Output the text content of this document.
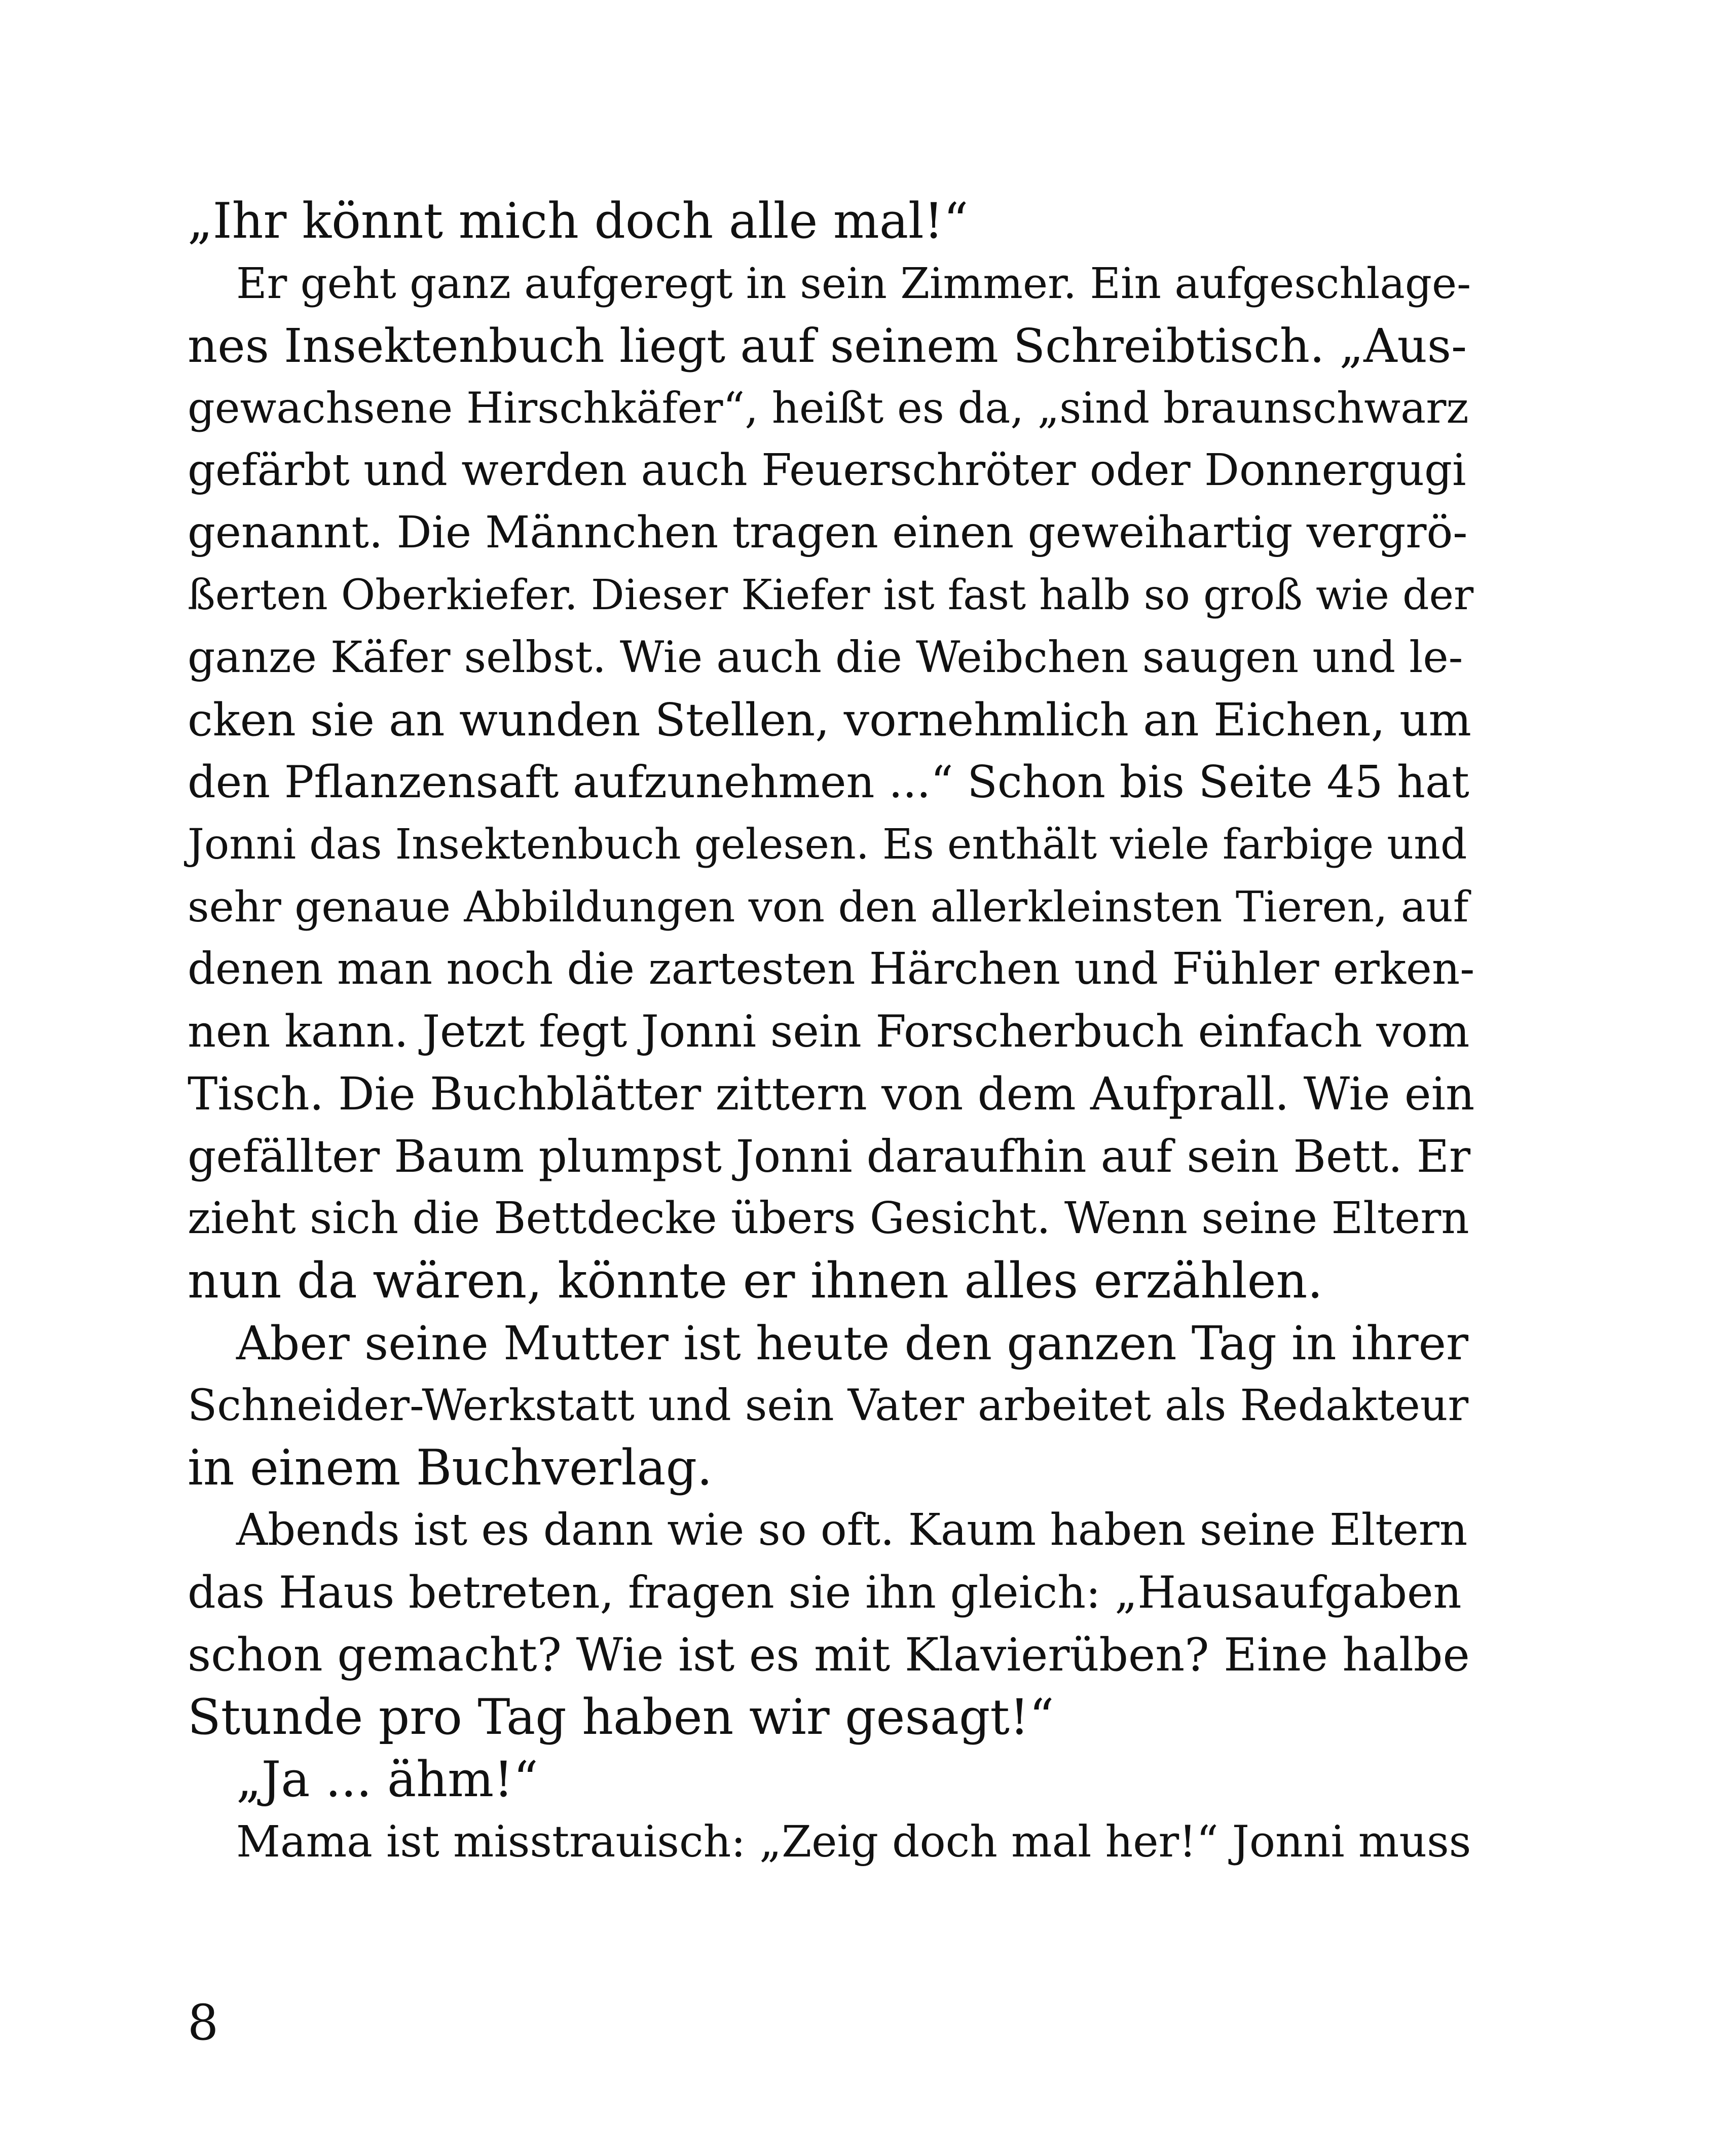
„Ihr könnt mich doch alle mal!“
Er geht ganz aufgeregt in sein Zimmer. Ein aufgeschlage-
nes Insektenbuch liegt auf seinem Schreibtisch. „Aus-
gewachsene Hirschkäfer“, heißt es da, „sind braunschwarz
gefärbt und werden auch Feuerschröter oder Donnergugi
genannt. Die Männchen tragen einen geweihartig vergrö-
ßerten Oberkiefer. Dieser Kiefer ist fast halb so groß wie der
ganze Käfer selbst. Wie auch die Weibchen saugen und le-
cken sie an wunden Stellen, vornehmlich an Eichen, um
den Pflanzensaft aufzunehmen ...“ Schon bis Seite 45 hat
Jonni das Insektenbuch gelesen. Es enthält viele farbige und
sehr genaue Abbildungen von den allerkleinsten Tieren, auf
denen man noch die zartesten Härchen und Fühler erken-
nen kann. Jetzt fegt Jonni sein Forscherbuch einfach vom
Tisch. Die Buchblätter zittern von dem Aufprall. Wie ein
gefällter Baum plumpst Jonni daraufhin auf sein Bett. Er
zieht sich die Bettdecke übers Gesicht. Wenn seine Eltern
nun da wären, könnte er ihnen alles erzählen.
Aber seine Mutter ist heute den ganzen Tag in ihrer
Schneider-Werkstatt und sein Vater arbeitet als Redakteur
in einem Buchverlag.
Abends ist es dann wie so oft. Kaum haben seine Eltern
das Haus betreten, fragen sie ihn gleich: „Hausaufgaben
schon gemacht? Wie ist es mit Klavierüben? Eine halbe
Stunde pro Tag haben wir gesagt!“
„Ja ... ähm!“
Mama ist misstrauisch: „Zeig doch mal her!“ Jonni muss
8
